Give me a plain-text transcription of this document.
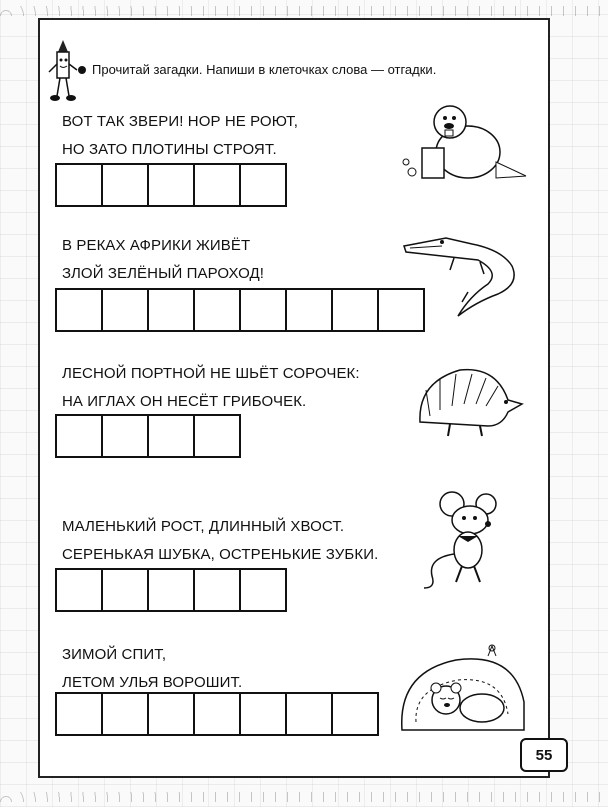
Прочитай загадки. Напиши в клеточках слова — отгадки.
ВОТ ТАК ЗВЕРИ! НОР НЕ РОЮТ,
НО ЗАТО ПЛОТИНЫ СТРОЯТ.
В РЕКАХ АФРИКИ ЖИВЁТ
ЗЛОЙ ЗЕЛЁНЫЙ ПАРОХОД!
ЛЕСНОЙ ПОРТНОЙ НЕ ШЬЁТ СОРОЧЕК:
НА ИГЛАХ ОН НЕСЁТ ГРИБОЧЕК.
МАЛЕНЬКИЙ РОСТ, ДЛИННЫЙ ХВОСТ.
СЕРЕНЬКАЯ ШУБКА, ОСТРЕНЬКИЕ ЗУБКИ.
ЗИМОЙ СПИТ,
ЛЕТОМ УЛЬЯ ВОРОШИТ.
55
